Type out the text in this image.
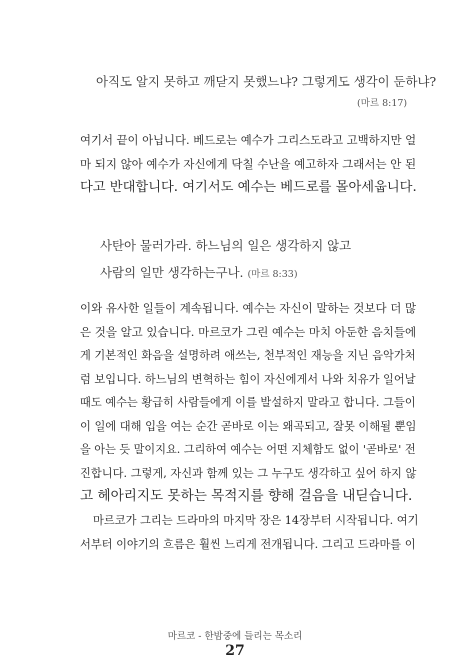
아직도 알지 못하고 깨닫지 못했느냐? 그렇게도 생각이 둔하냐?

(마르 8:17)
여기서 끝이 아닙니다. 베드로는 예수가 그리스도라고 고백하지만 얼
마 되지 않아 예수가 자신에게 닥칠 수난을 예고하자 그래서는 안 된
다고 반대합니다. 여기서도 예수는 베드로를 몰아세웁니다.

사탄아 물러가라. 하느님의 일은 생각하지 않고

사람의 일만 생각하는구나. (마르 8:33)

이와 유사한 일들이 계속됩니다. 예수는 자신이 말하는 것보다 더 많
은 것을 알고 있습니다. 마르코가 그린 예수는 마치 아둔한 음치들에
게 기본적인 화음을 설명하려 애쓰는, 천부적인 재능을 지닌 음악가처
럼 보입니다. 하느님의 변혁하는 힘이 자신에게서 나와 치유가 일어날
때도 예수는 황급히 사람들에게 이를 발설하지 말라고 합니다. 그들이
이 일에 대해 입을 여는 순간 곧바로 이는 왜곡되고, 잘못 이해될 뿐임
을 아는 듯 말이지요. 그리하여 예수는 어떤 지체함도 없이 '곧바로' 전
진합니다. 그렇게, 자신과 함께 있는 그 누구도 생각하고 싶어 하지 않
고 헤아리지도 못하는 목적지를 향해 걸음을 내딛습니다.
마르코가 그리는 드라마의 마지막 장은 14장부터 시작됩니다. 여기
서부터 이야기의 흐름은 훨씬 느리게 전개됩니다. 그리고 드라마를 이
마르코 - 한밤중에 들리는 목소리
27
